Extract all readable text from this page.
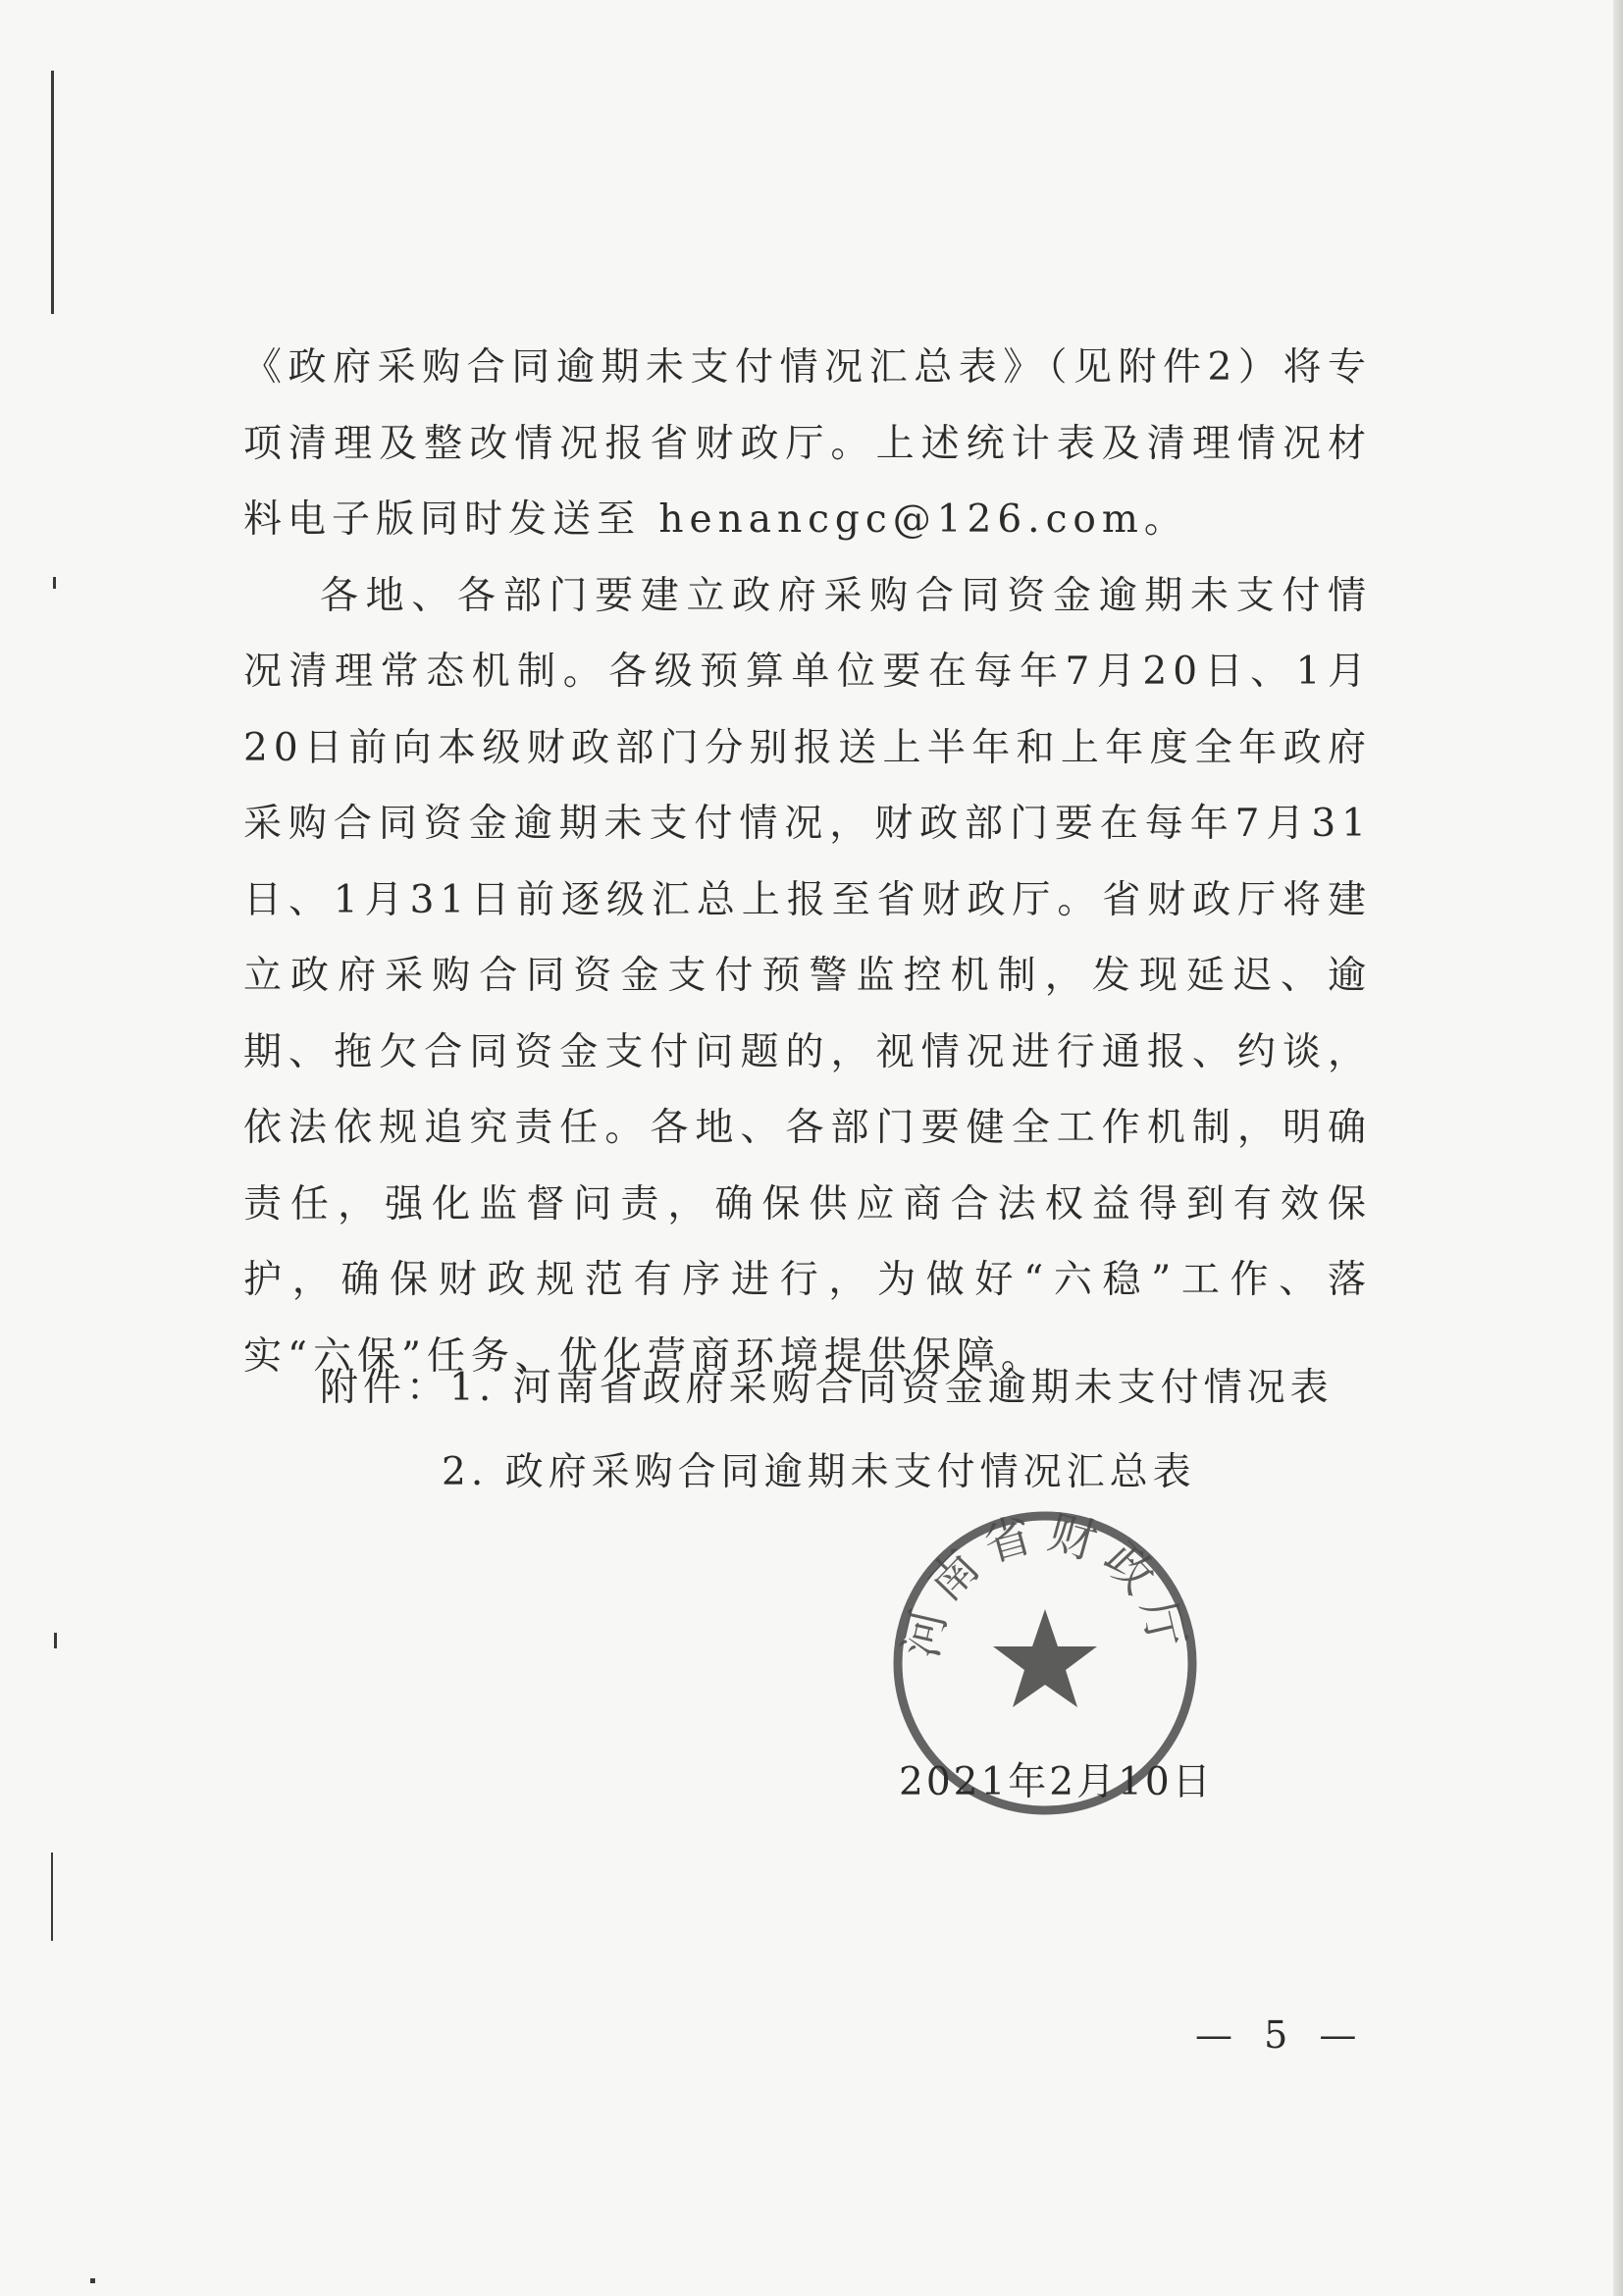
《政府采购合同逾期未支付情况汇总表》（见附件2）将专项清理及整改情况报省财政厅。上述统计表及清理情况材料电子版同时发送至 henancgc@126.com。

各地、各部门要建立政府采购合同资金逾期未支付情况清理常态机制。各级预算单位要在每年7月20日、1月20日前向本级财政部门分别报送上半年和上年度全年政府采购合同资金逾期未支付情况，财政部门要在每年7月31日、1月31日前逐级汇总上报至省财政厅。省财政厅将建立政府采购合同资金支付预警监控机制，发现延迟、逾期、拖欠合同资金支付问题的，视情况进行通报、约谈，依法依规追究责任。各地、各部门要健全工作机制，明确责任，强化监督问责，确保供应商合法权益得到有效保护，确保财政规范有序进行，为做好“六稳”工作、落实“六保”任务、优化营商环境提供保障。

附件：1. 河南省政府采购合同资金逾期未支付情况表
2. 政府采购合同逾期未支付情况汇总表
河南省财政厅
2021年2月10日
— 5 —
